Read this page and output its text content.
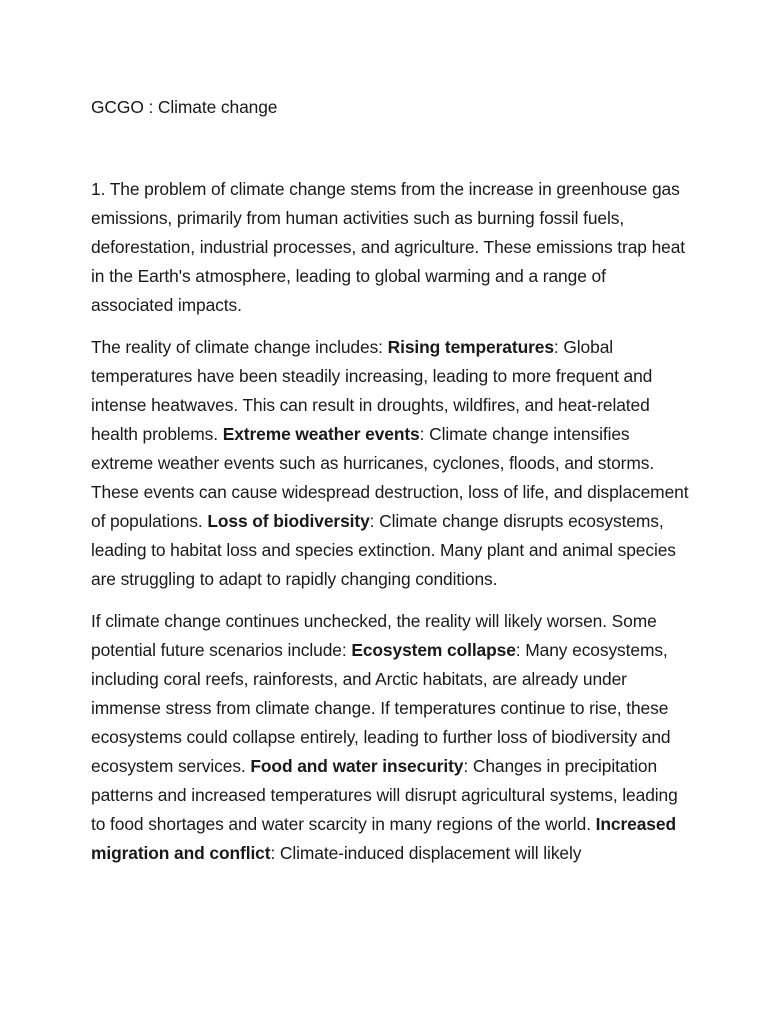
GCGO : Climate change

1. The problem of climate change stems from the increase in greenhouse gas emissions, primarily from human activities such as burning fossil fuels, deforestation, industrial processes, and agriculture. These emissions trap heat in the Earth's atmosphere, leading to global warming and a range of associated impacts.

The reality of climate change includes: Rising temperatures: Global temperatures have been steadily increasing, leading to more frequent and intense heatwaves. This can result in droughts, wildfires, and heat-related health problems. Extreme weather events: Climate change intensifies extreme weather events such as hurricanes, cyclones, floods, and storms. These events can cause widespread destruction, loss of life, and displacement of populations. Loss of biodiversity: Climate change disrupts ecosystems, leading to habitat loss and species extinction. Many plant and animal species are struggling to adapt to rapidly changing conditions.

If climate change continues unchecked, the reality will likely worsen. Some potential future scenarios include: Ecosystem collapse: Many ecosystems, including coral reefs, rainforests, and Arctic habitats, are already under immense stress from climate change. If temperatures continue to rise, these ecosystems could collapse entirely, leading to further loss of biodiversity and ecosystem services. Food and water insecurity: Changes in precipitation patterns and increased temperatures will disrupt agricultural systems, leading to food shortages and water scarcity in many regions of the world. Increased migration and conflict: Climate-induced displacement will likely
